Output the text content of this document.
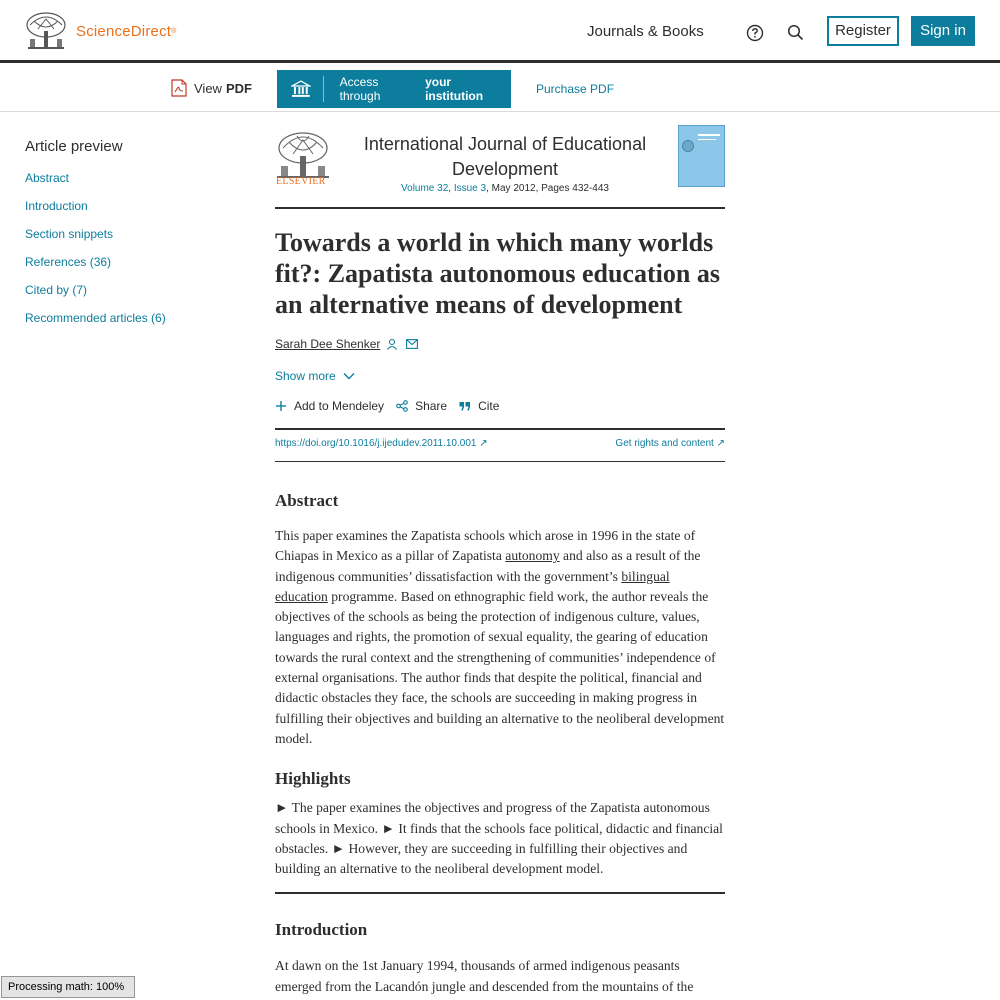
ScienceDirect ®	Journals & Books	Register	Sign in
View PDF	Access through
your institution	Purchase PDF
Article preview
Abstract
Introduction
Section snippets
References (36)
Cited by (7)
Recommended articles (6)
ELSEVIER
International Journal of Educational Development
Volume 32, Issue 3, May 2012, Pages 432-443
Towards a world in which many worlds fit?: Zapatista autonomous education as an alternative means of development
Sarah Dee Shenker
Show more
Add to Mendeley	Share	Cite
https://doi.org/10.1016/j.ijedudev.2011.10.001 ↗	Get rights and content ↗
Abstract

This paper examines the Zapatista schools which arose in 1996 in the state of Chiapas in Mexico as a pillar of Zapatista autonomy and also as a result of the indigenous communities’ dissatisfaction with the government’s bilingual education programme. Based on ethnographic field work, the author reveals the objectives of the schools as being the protection of indigenous culture, values, languages and rights, the promotion of sexual equality, the gearing of education towards the rural context and the strengthening of communities’ independence of external organisations. The author finds that despite the political, financial and didactic obstacles they face, the schools are succeeding in making progress in fulfilling their objectives and building an alternative to the neoliberal development model.

Highlights

► The paper examines the objectives and progress of the Zapatista autonomous schools in Mexico. ► It finds that the schools face political, didactic and financial obstacles. ► However, they are succeeding in fulfilling their objectives and building an alternative to the neoliberal development model.

Introduction

At dawn on the 1st January 1994, thousands of armed indigenous peasants emerged from the Lacandón jungle and descended from the mountains of the

Processing math: 100%
